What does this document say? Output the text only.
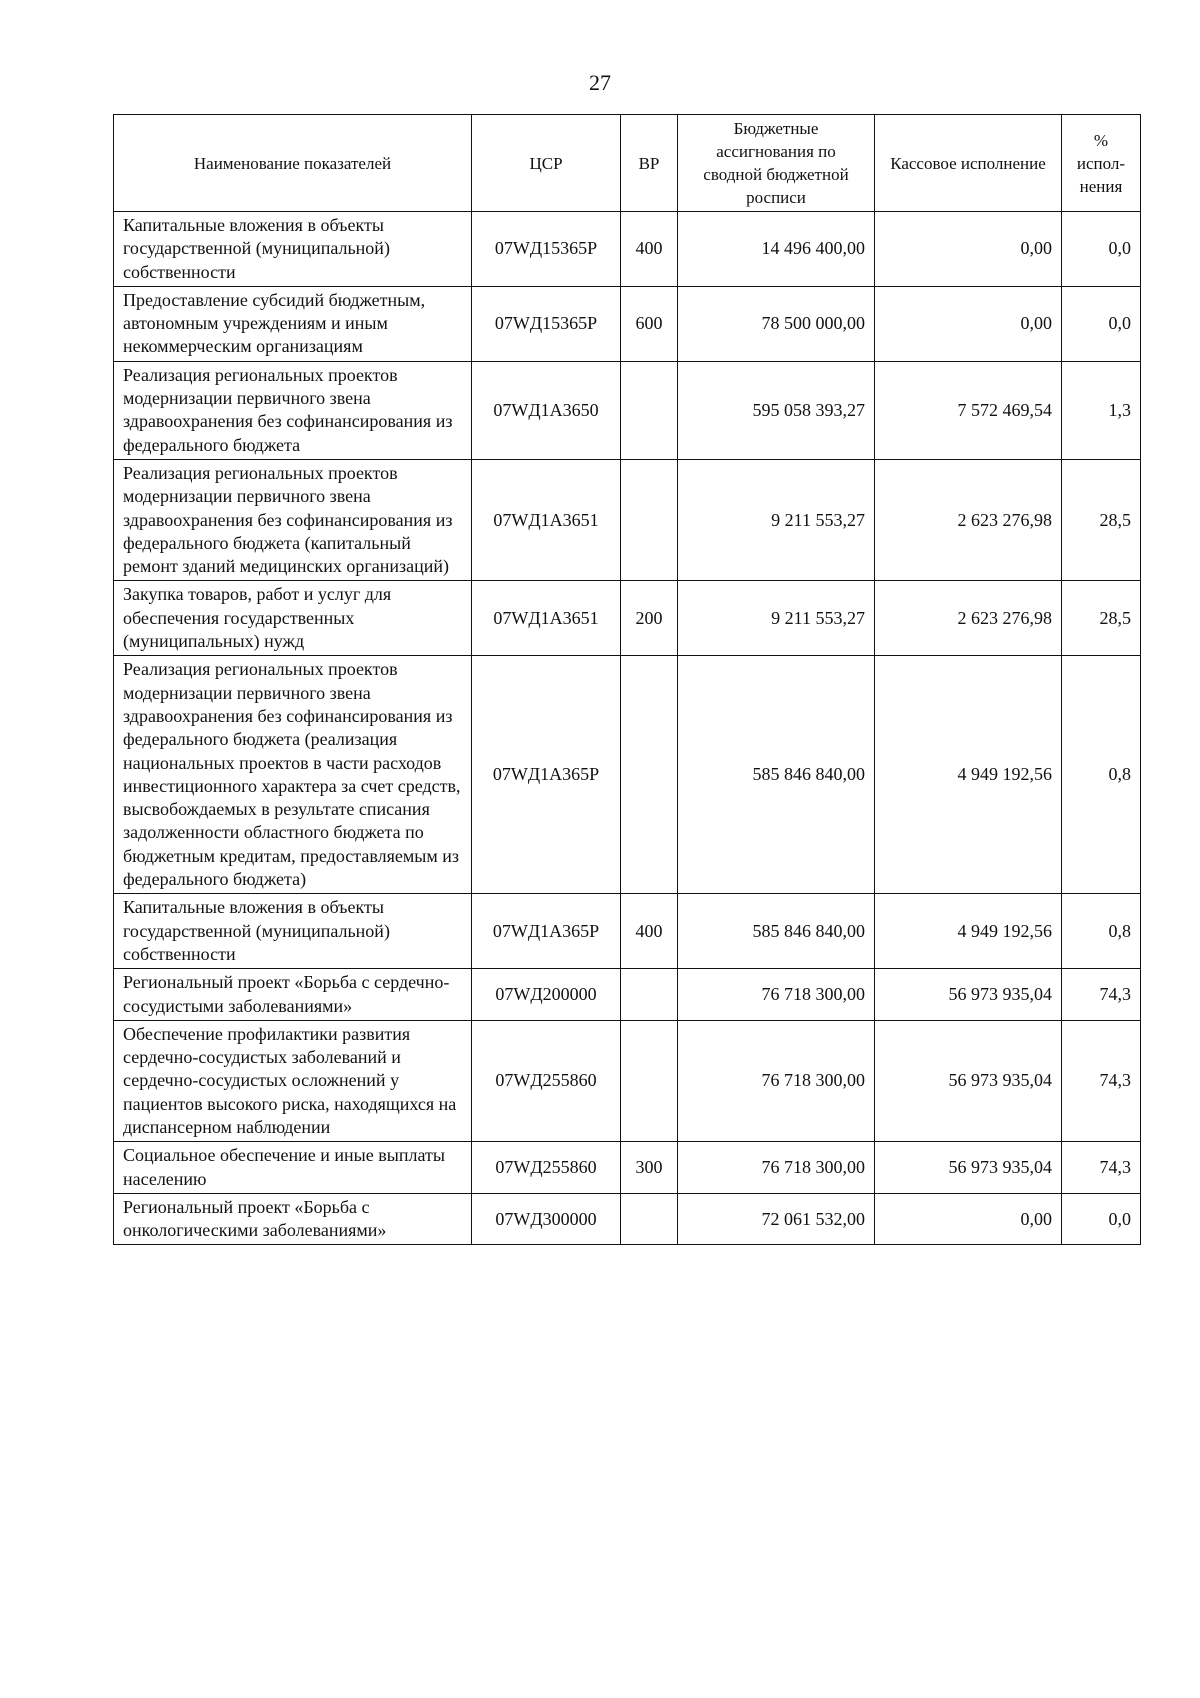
27
Наименование показателей	ЦСР	ВР	Бюджетные ассигнования по сводной бюджетной росписи	Кассовое исполнение	% испол-нения
Капитальные вложения в объекты государственной (муниципальной) собственности	07WД15365P	400	14 496 400,00	0,00	0,0
Предоставление субсидий бюджетным, автономным учреждениям и иным некоммерческим организациям	07WД15365P	600	78 500 000,00	0,00	0,0
Реализация региональных проектов модернизации первичного звена здравоохранения без софинансирования из федерального бюджета	07WД1А3650		595 058 393,27	7 572 469,54	1,3
Реализация региональных проектов модернизации первичного звена здравоохранения без софинансирования из федерального бюджета (капитальный ремонт зданий медицинских организаций)	07WД1А3651		9 211 553,27	2 623 276,98	28,5
Закупка товаров, работ и услуг для обеспечения государственных (муниципальных) нужд	07WД1А3651	200	9 211 553,27	2 623 276,98	28,5
Реализация региональных проектов модернизации первичного звена здравоохранения без софинансирования из федерального бюджета (реализация национальных проектов в части расходов инвестиционного характера за счет средств, высвобождаемых в результате списания задолженности областного бюджета по бюджетным кредитам, предоставляемым из федерального бюджета)	07WД1А365P		585 846 840,00	4 949 192,56	0,8
Капитальные вложения в объекты государственной (муниципальной) собственности	07WД1А365P	400	585 846 840,00	4 949 192,56	0,8
Региональный проект «Борьба с сердечно-сосудистыми заболеваниями»	07WД200000		76 718 300,00	56 973 935,04	74,3
Обеспечение профилактики развития сердечно-сосудистых заболеваний и сердечно-сосудистых осложнений у пациентов высокого риска, находящихся на диспансерном наблюдении	07WД255860		76 718 300,00	56 973 935,04	74,3
Социальное обеспечение и иные выплаты населению	07WД255860	300	76 718 300,00	56 973 935,04	74,3
Региональный проект «Борьба с онкологическими заболеваниями»	07WД300000		72 061 532,00	0,00	0,0
